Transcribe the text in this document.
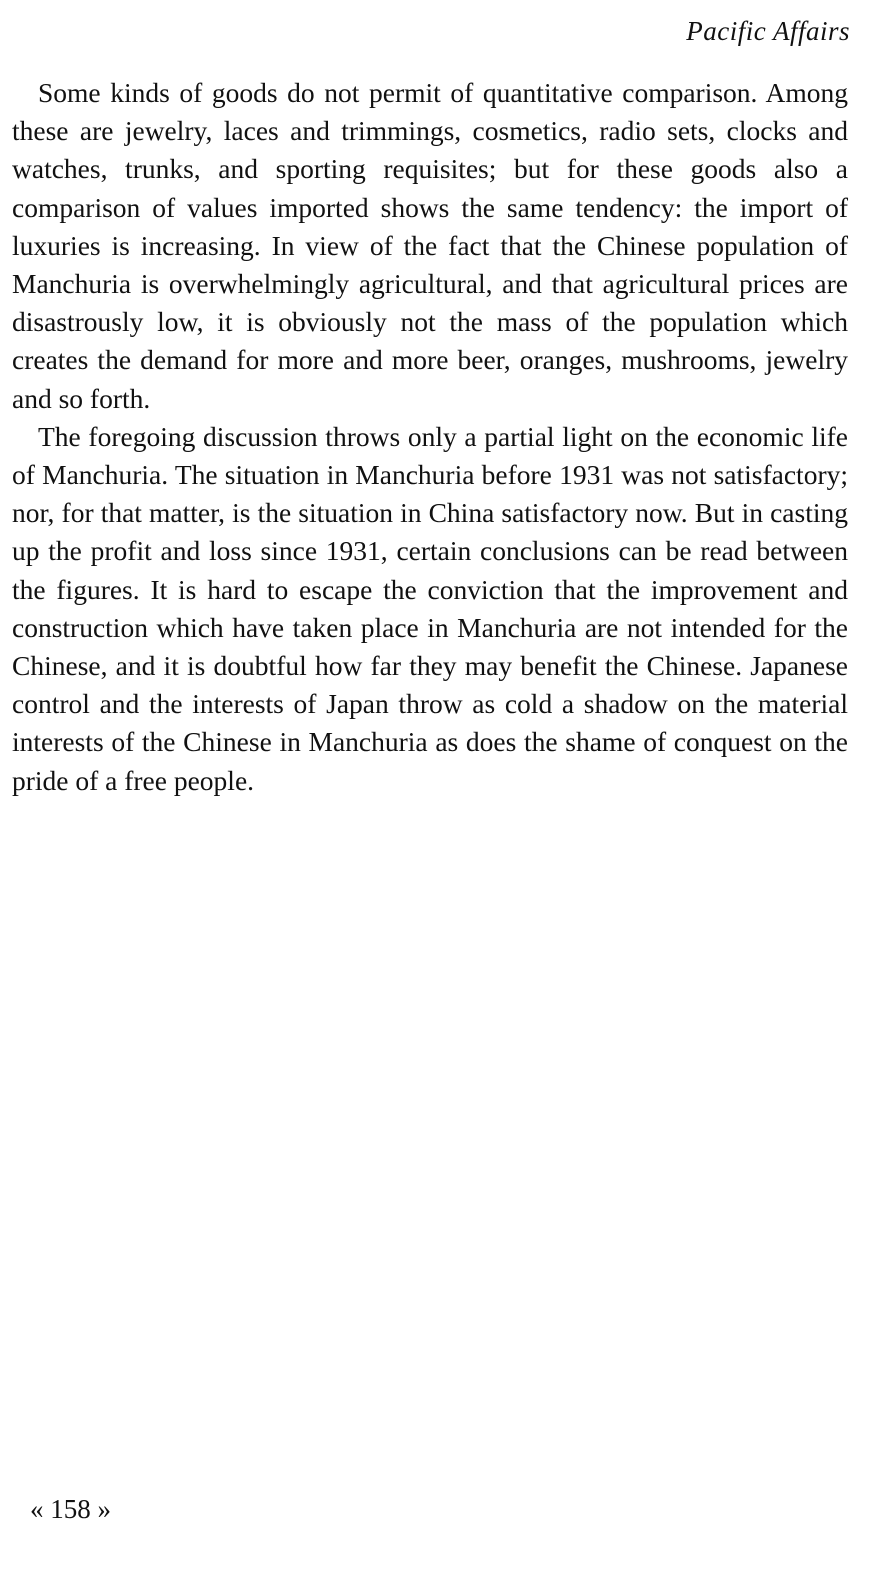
Pacific Affairs

Some kinds of goods do not permit of quantitative comparison. Among these are jewelry, laces and trimmings, cosmetics, radio sets, clocks and watches, trunks, and sporting requisites; but for these goods also a comparison of values imported shows the same tendency: the import of luxuries is increasing. In view of the fact that the Chinese population of Manchuria is overwhelmingly agricultural, and that agricultural prices are disastrously low, it is obviously not the mass of the population which creates the demand for more and more beer, oranges, mushrooms, jewelry and so forth.

The foregoing discussion throws only a partial light on the economic life of Manchuria. The situation in Manchuria before 1931 was not satisfactory; nor, for that matter, is the situation in China satisfactory now. But in casting up the profit and loss since 1931, certain conclusions can be read between the figures. It is hard to escape the conviction that the improvement and construction which have taken place in Manchuria are not intended for the Chinese, and it is doubtful how far they may benefit the Chinese. Japanese control and the interests of Japan throw as cold a shadow on the material interests of the Chinese in Manchuria as does the shame of conquest on the pride of a free people.

« 158 »
